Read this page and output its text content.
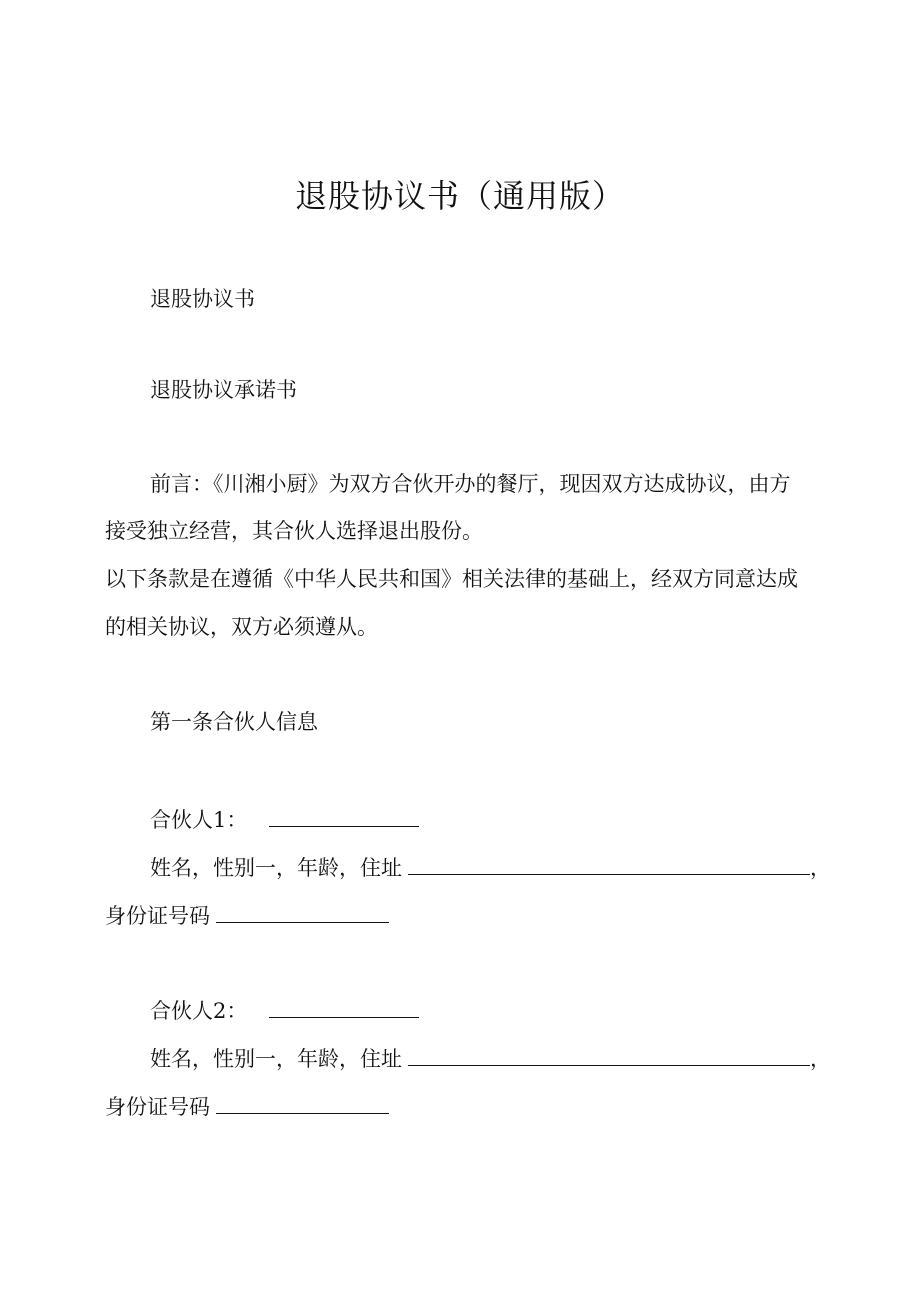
退股协议书（通用版）
退股协议书
退股协议承诺书
前言：《川湘小厨》为双方合伙开办的餐厅，现因双方达成协议，由方
接受独立经营，其合伙人选择退出股份。
以下条款是在遵循《中华人民共和国》相关法律的基础上，经双方同意达成
的相关协议，双方必须遵从。
第一条合伙人信息
合伙人1：
姓名，性别一，年龄，住址	，
身份证号码
合伙人2：
姓名，性别一，年龄，住址	，
身份证号码
